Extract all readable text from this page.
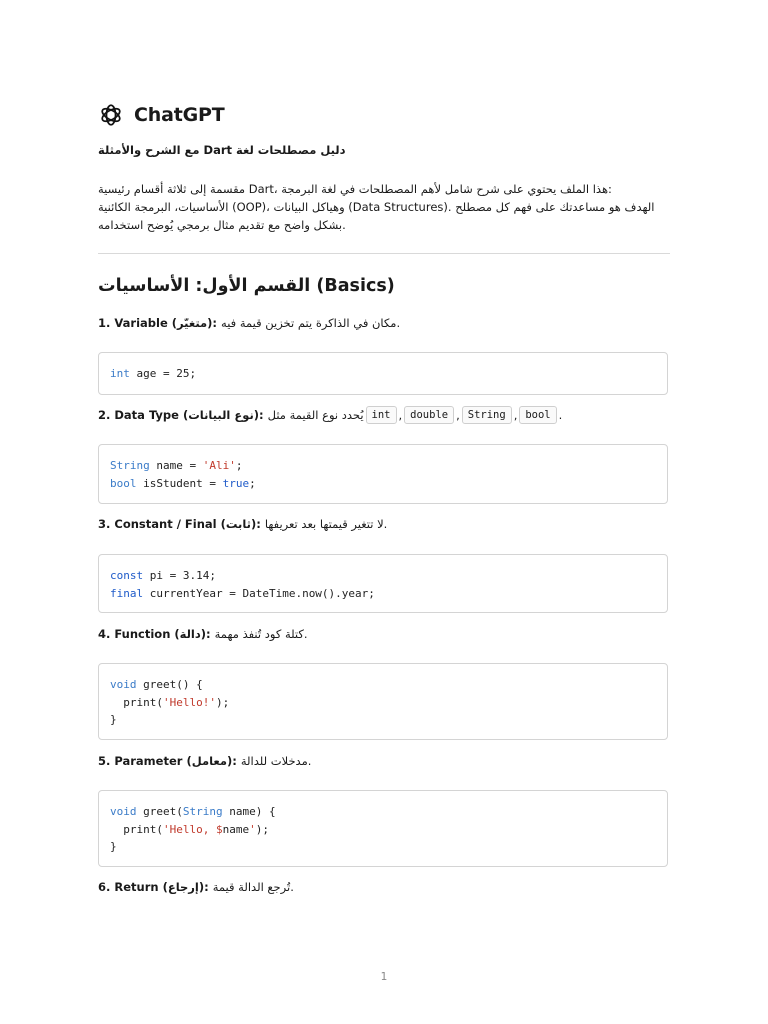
ChatGPT
مع الشرح والأمثلة Dart دليل مصطلحات لغة
مقسمة إلى ثلاثة أقسام رئيسية Dart، هذا الملف يحتوي على شرح شامل لأهم المصطلحات في لغة البرمجة:
الأساسيات، البرمجة الكائنية (OOP)، وهياكل البيانات (Data Structures). الهدف هو مساعدتك على فهم كل مصطلح
بشكل واضح مع تقديم مثال برمجي يُوضح استخدامه.
القسم الأول: الأساسيات (Basics)
1. Variable (متغيّر): مكان في الذاكرة يتم تخزين قيمة فيه.
int age = 25;
2. Data Type (نوع البيانات): يُحدد نوع القيمة مثل int , double , String , bool .
String name = 'Ali';
bool isStudent = true;
3. Constant / Final (ثابت): لا تتغير قيمتها بعد تعريفها.
const pi = 3.14;
final currentYear = DateTime.now().year;
4. Function (دالة): كتلة كود تُنفذ مهمة.
void greet() {
print('Hello!');
}
5. Parameter (معامل): مدخلات للدالة.
void greet(String name) {
print('Hello, $name');
}
6. Return (إرجاع): تُرجع الدالة قيمة.
1
